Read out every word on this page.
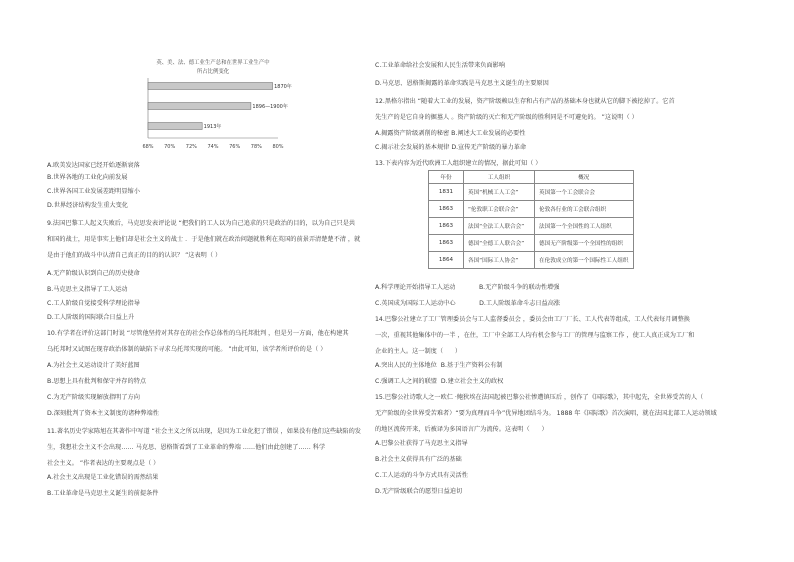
英、美、法、德工业生产总和在世界工业生产中
所占比例变化
68% 70% 72% 74% 76% 78% 80%
1870年
1896—1900年
1913年
A.欧美发达国家已经开始逐渐衰落
B.世界各地的工业化向前发展
C.世界各国工业发展差距明显缩小
D.世界经济结构发生重大变化
9.法国巴黎工人起义失败后，马克思发表评论说 “把我们的工人以为自己追求的只是政治的目的，以为自己只是共
和国的战士，用是事实上他们却是社会主义的战士 ．于是他们就在政治问题就胜利在英国的前景弄清楚楚不清 ，就
是由于他们的战斗中认清自己真正的目的的认识？ ”这表明（ ）
A.无产阶级认识到自己的历史使命
B.马克思主义指导了工人运动
C.工人阶级自觉接受科学理论指导
D.工人阶级的国际联合日益上升
10.有学者在评价这部门时说 “尽管他坚持对其存在的社会作总体性的乌托邦批判 ，但是另一方面，他在构建其
乌托邦时又试图在现存政治体制的缺陷下寻求乌托邦实现的可能。 ”由此可知，该学者所评价的是（ ）
A.为社会主义运动设计了美好蓝图
B.思想上具有批判和保守并存的特点
C.为无产阶级实现解放指明了方向
D.深刻批判了资本主义制度的诸种弊端性
11.著名历史学家陈旭在其著作中写道 “社会主义之所以出现，是因为工业化犯了错误 ，如果没有他们这些缺陷的发
生，我想社会主义不会出现…… 马克思、恩格斯看到了工业革命的弊端 ……他们由此创建了…… 科学
社会主义。 ”作者表达的主要观点是（ ）
A.社会主义出现是工业化错误的需然结果
B.工业革命是马克思主义诞生的前提条件
C.工业革命给社会发展和人民生活带来负面影响
D.马克思、恩格斯揭露的革命实践是马克思主义诞生的主要原因
12.黑格尔指出 “随着大工业的发展，资产阶级赖以生存和占有产品的基础本身也就从它的脚下被挖掉了。它首
先生产的是它自身的掘墓人 。资产阶级的灭亡和无产阶级的胜利同是不可避免的。 ”这说明（ ）
A.揭露资产阶级剥削的秘密 B.阐述大工业发展的必要性
C.揭示社会发展的基本规律 D.宣传无产阶级的暴力革命
13.下表内容为近代欧洲工人组织建立的情况，据此可知（ ）
年份	工人组织	概况
1831	英国“机械工人工会”	英国第一个工会联合会
1863	“伦敦职工会联合会”	伦敦各行业的工会联合组织
1863	法国“全法工人联合会”	法国第一个全国性的工人组织
1863	德国“全德工人联合会”	德国无产阶级第一个全国性的组织
1864	各国“国际工人协会”	在伦敦成立的第一个国际性工人组织
A.科学理论开始指导工人运动            B.无产阶级斗争的联动性增强
C.英国成为国际工人运动中心            D.工人阶级革命斗志日益高涨
14.巴黎公社建立了工厂管理委员会与工人监督委员会 ，委员会由工厂厂长、工人代表等组成，工人代表每月调整换
一次，重视其他集体中的一半 ，在住，工厂中全部工人均有机会参与工厂的管理与监察工作 ，使工人真正成为工厂和
企业的主人。这一制度（      ）
A.突出人民的主体地位  B.基于生产资料公有制
C.强调工人之间的联盟  D.建立社会主义的政权
15.巴黎公社诗歌人之一欧仁 ·鲍狄埃在法国起被巴黎公社惨遭镇压后 ，创作了《国际歌》，其中起先，全世界受苦的人（
无产阶级的全世界受苦难者）“要为真理而斗争”优异地团结斗为。 1888 年《国际歌》首次演唱，就在法国北部工人运动领域
的地区流传开来，后被译为多国语言广为流传。这表明（      ）
A.巴黎公社获得了马克思主义指导
B.社会主义获得具有广泛的基础
C.工人运动的斗争方式具有灵活性
D.无产阶级联合的愿望日益迫切
